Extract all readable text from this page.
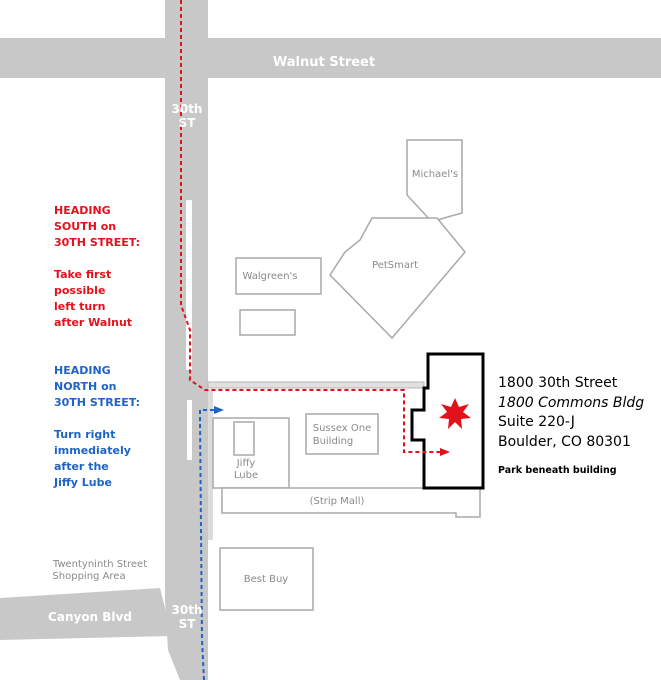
Walnut Street
30th
ST
30th
ST
Canyon Blvd
Michael's
PetSmart
Walgreen's
Sussex One
Building
Jiffy
Lube
(Strip Mall)
Best Buy
Twentyninth Street
Shopping Area

HEADING

SOUTH on

30TH STREET:

Take first

possible

left turn

after Walnut

HEADING

NORTH on

30TH STREET:

Turn right

immediately

after the

Jiffy Lube

1800 30th Street
1800 Commons Bldg
Suite 220-J
Boulder, CO 80301
Park beneath building
